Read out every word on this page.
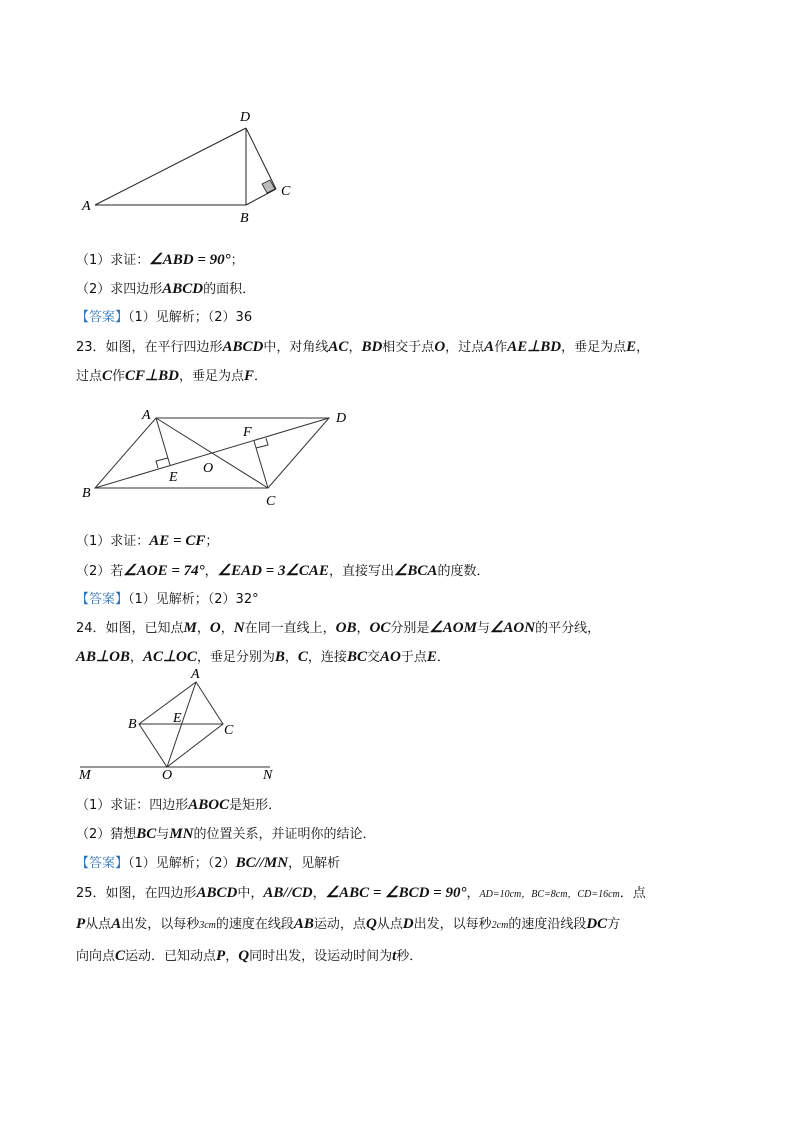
A
D
B
C
（1）求证：∠ABD = 90°；
（2）求四边形ABCD的面积．
【答案】（1）见解析；（2）36
23．如图，在平行四边形ABCD中，对角线AC，BD相交于点O，过点A作AE⊥BD，垂足为点E，
过点C作CF⊥BD，垂足为点F．
A	D
B
C
E
F
O
（1）求证：AE = CF；
（2）若∠AOE = 74°，∠EAD = 3∠CAE，直接写出∠BCA的度数．
【答案】（1）见解析；（2）32°
24．如图，已知点M，O，N在同一直线上，OB，OC分别是∠AOM与∠AON的平分线，
AB⊥OB，AC⊥OC，垂足分别为B，C，连接BC交AO于点E．
A
B	C
E
M	O	N
（1）求证：四边形ABOC是矩形．
（2）猜想BC与MN的位置关系，并证明你的结论．
【答案】（1）见解析；（2）BC//MN，见解析
25．如图，在四边形ABCD中，AB//CD，∠ABC = ∠BCD = 90°，AD=10cm，BC=8cm，CD=16cm．点
P从点A出发，以每秒3cm的速度在线段AB运动，点Q从点D出发，以每秒2cm的速度沿线段DC方
向向点C运动．已知动点P，Q同时出发，设运动时间为t秒．
